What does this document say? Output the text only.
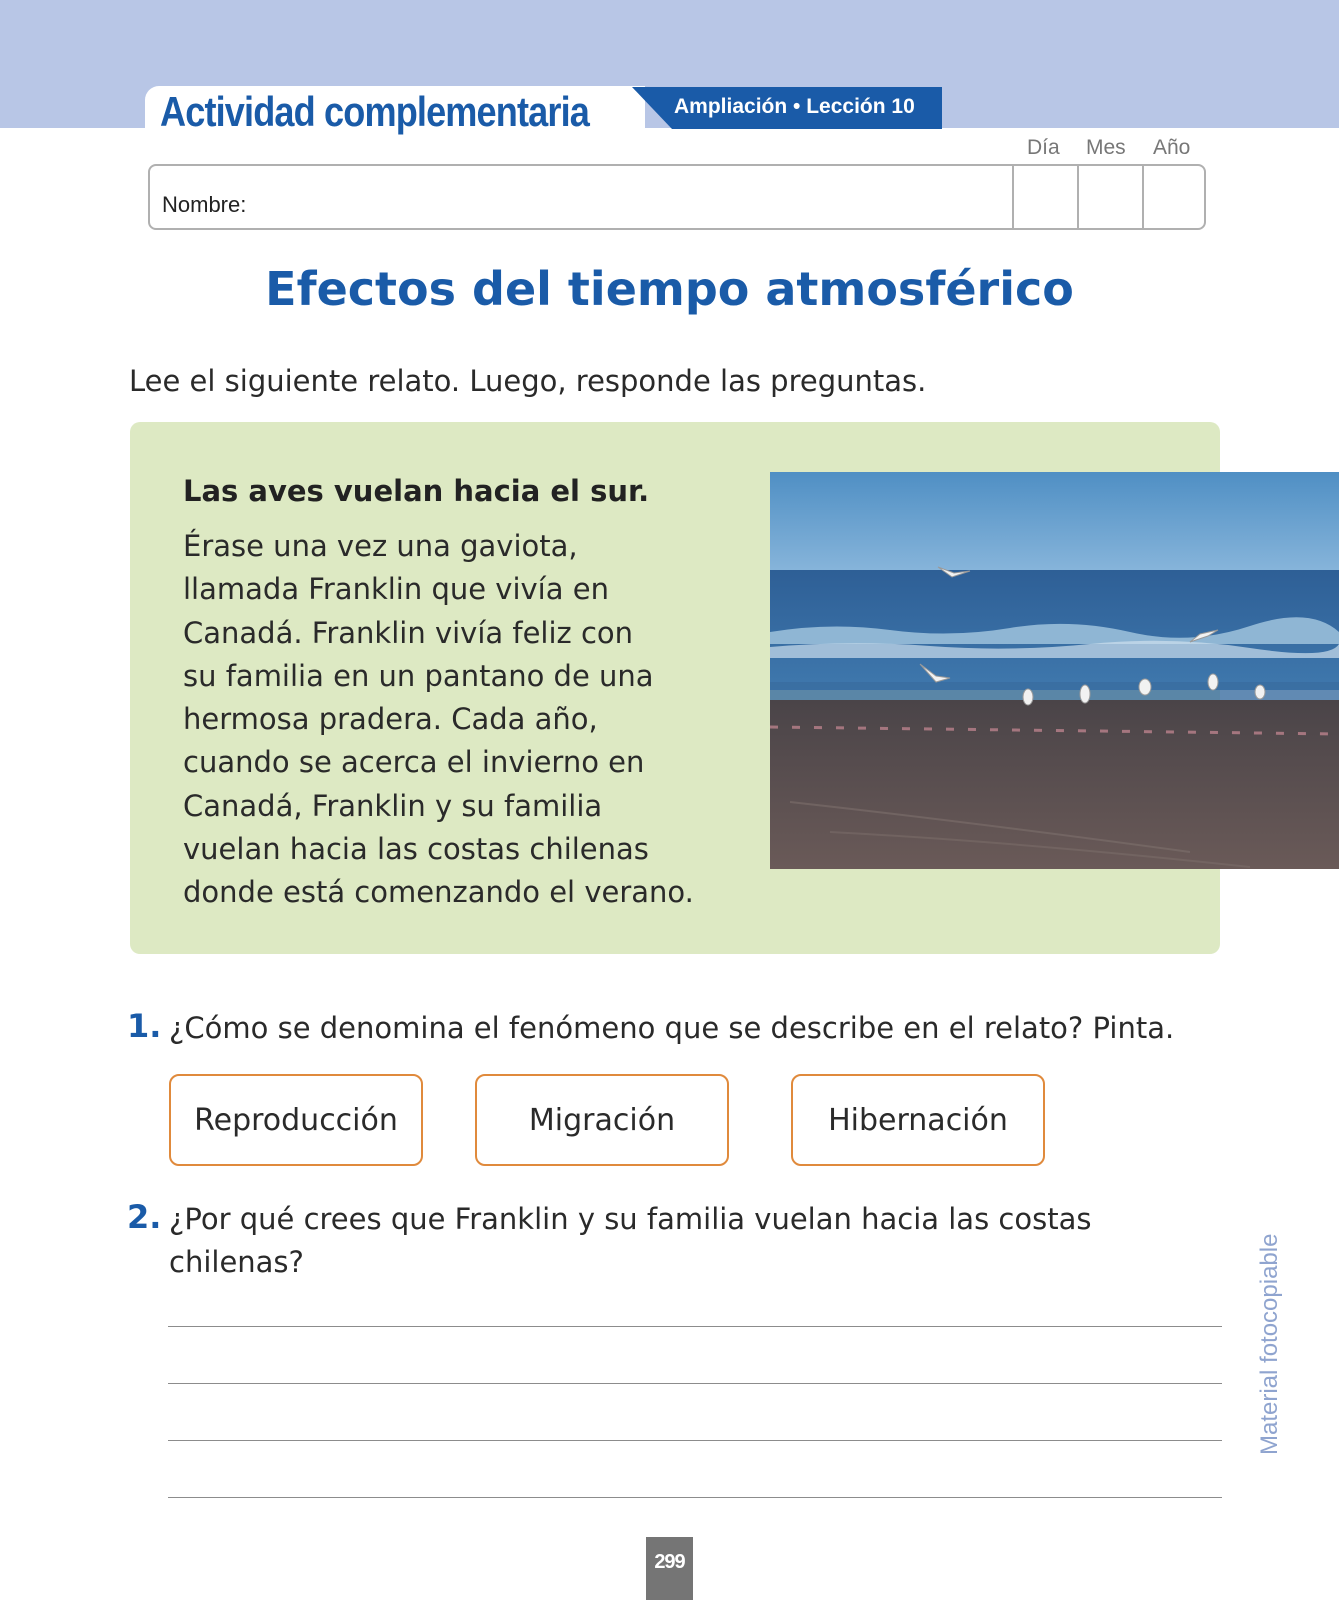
Actividad complementaria	Ampliación • Lección 10
Día Mes Año
Nombre:
Efectos del tiempo atmosférico
Lee el siguiente relato. Luego, responde las preguntas.
Las aves vuelan hacia el sur.
Érase una vez una gaviota,
llamada Franklin que vivía en
Canadá. Franklin vivía feliz con
su familia en un pantano de una
hermosa pradera. Cada año,
cuando se acerca el invierno en
Canadá, Franklin y su familia
vuelan hacia las costas chilenas
donde está comenzando el verano.
1. ¿Cómo se denomina el fenómeno que se describe en el relato? Pinta.
Reproducción	Migración	Hibernación
2. ¿Por qué crees que Franklin y su familia vuelan hacia las costas
chilenas?	Material fotocopiable
299
